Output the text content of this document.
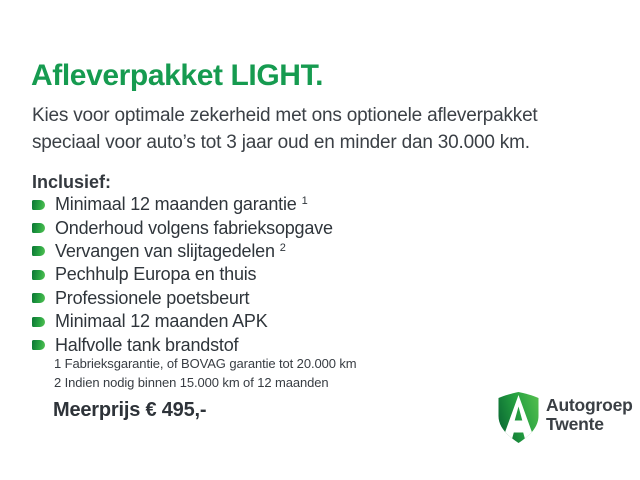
Afleverpakket LIGHT.

Kies voor optimale zekerheid met ons optionele afleverpakket
speciaal voor auto’s tot 3 jaar oud en minder dan 30.000 km.

Inclusief:

Minimaal 12 maanden garantie 1
Onderhoud volgens fabrieksopgave
Vervangen van slijtagedelen 2
Pechhulp Europa en thuis
Professionele poetsbeurt
Minimaal 12 maanden APK
Halfvolle tank brandstof
1 Fabrieksgarantie, of BOVAG garantie tot 20.000 km
2 Indien nodig binnen 15.000 km of 12 maanden

Meerprijs € 495,-	Autogroep
Twente
